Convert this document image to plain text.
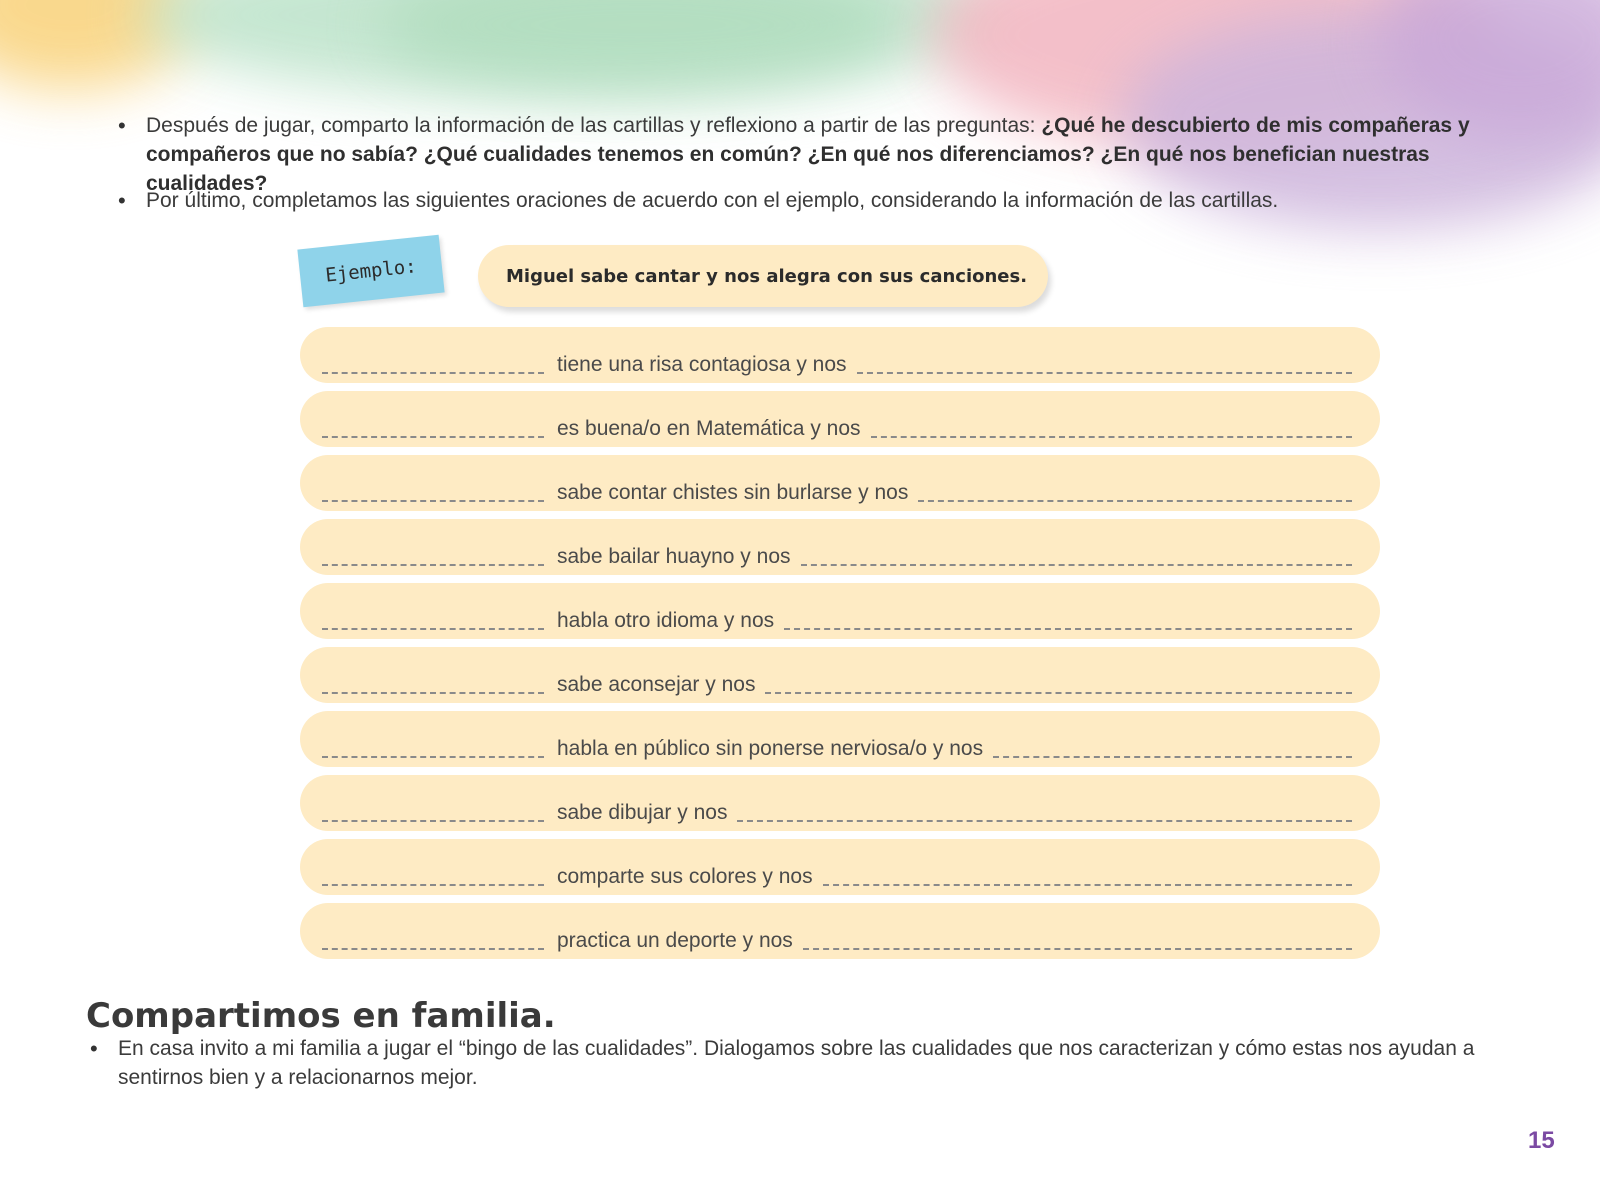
• Después de jugar, comparto la información de las cartillas y reflexiono a partir de las preguntas: ¿Qué he descubierto de mis compañeras y compañeros que no sabía? ¿Qué cualidades tenemos en común? ¿En qué nos diferenciamos? ¿En qué nos benefician nuestras cualidades?
• Por último, completamos las siguientes oraciones de acuerdo con el ejemplo, considerando la información de las cartillas.
Ejemplo:	Miguel sabe cantar y nos alegra con sus canciones.
tiene una risa contagiosa y nos
es buena/o en Matemática y nos
sabe contar chistes sin burlarse y nos
sabe bailar huayno y nos
habla otro idioma y nos
sabe aconsejar y nos
habla en público sin ponerse nerviosa/o y nos
sabe dibujar y nos
comparte sus colores y nos
practica un deporte y nos
Compartimos en familia.
• En casa invito a mi familia a jugar el “bingo de las cualidades”. Dialogamos sobre las cualidades que nos caracterizan y cómo estas nos ayudan a sentirnos bien y a relacionarnos mejor.
15
